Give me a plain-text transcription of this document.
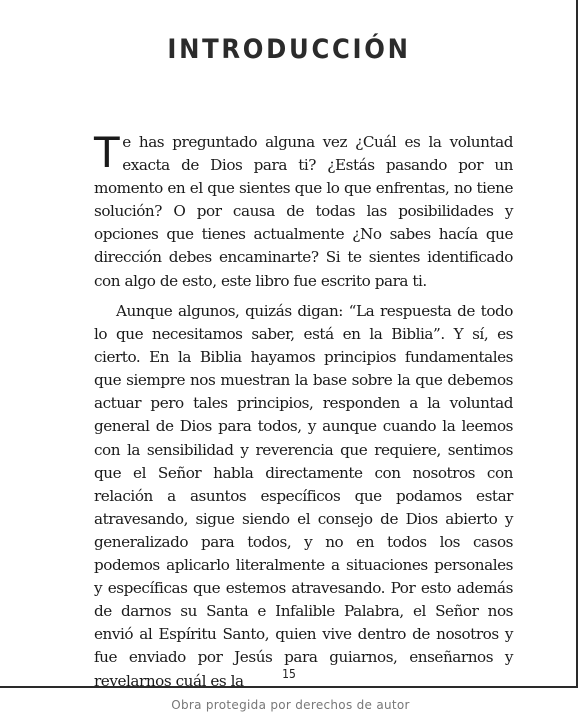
INTRODUCCIÓN

Te has preguntado alguna vez ¿Cuál es la voluntad exacta de Dios para ti? ¿Estás pasando por un momento en el que sientes que lo que enfrentas, no tiene solución? O por causa de todas las posibilidades y opciones que tienes actualmente ¿No sabes hacía que dirección debes encaminarte? Si te sientes identificado con algo de esto, este libro fue escrito para ti.

Aunque algunos, quizás digan: “La respuesta de todo lo que necesitamos saber, está en la Biblia”. Y sí, es cierto. En la Biblia hayamos principios fundamentales que siempre nos muestran la base sobre la que debemos actuar pero tales principios, responden a la voluntad general de Dios para todos, y aunque cuando la leemos con la sensibilidad y reverencia que requiere, sentimos que el Señor habla directamente con nosotros con relación a asuntos específicos que podamos estar atravesando, sigue siendo el consejo de Dios abierto y generalizado para todos, y no en todos los casos podemos aplicarlo literalmente a situaciones personales y específicas que estemos atravesando. Por esto además de darnos su Santa e Infalible Palabra, el Señor nos envió al Espíritu Santo, quien vive dentro de nosotros y fue enviado por Jesús para guiarnos, enseñarnos y revelarnos cuál es la	15
Obra protegida por derechos de autor
